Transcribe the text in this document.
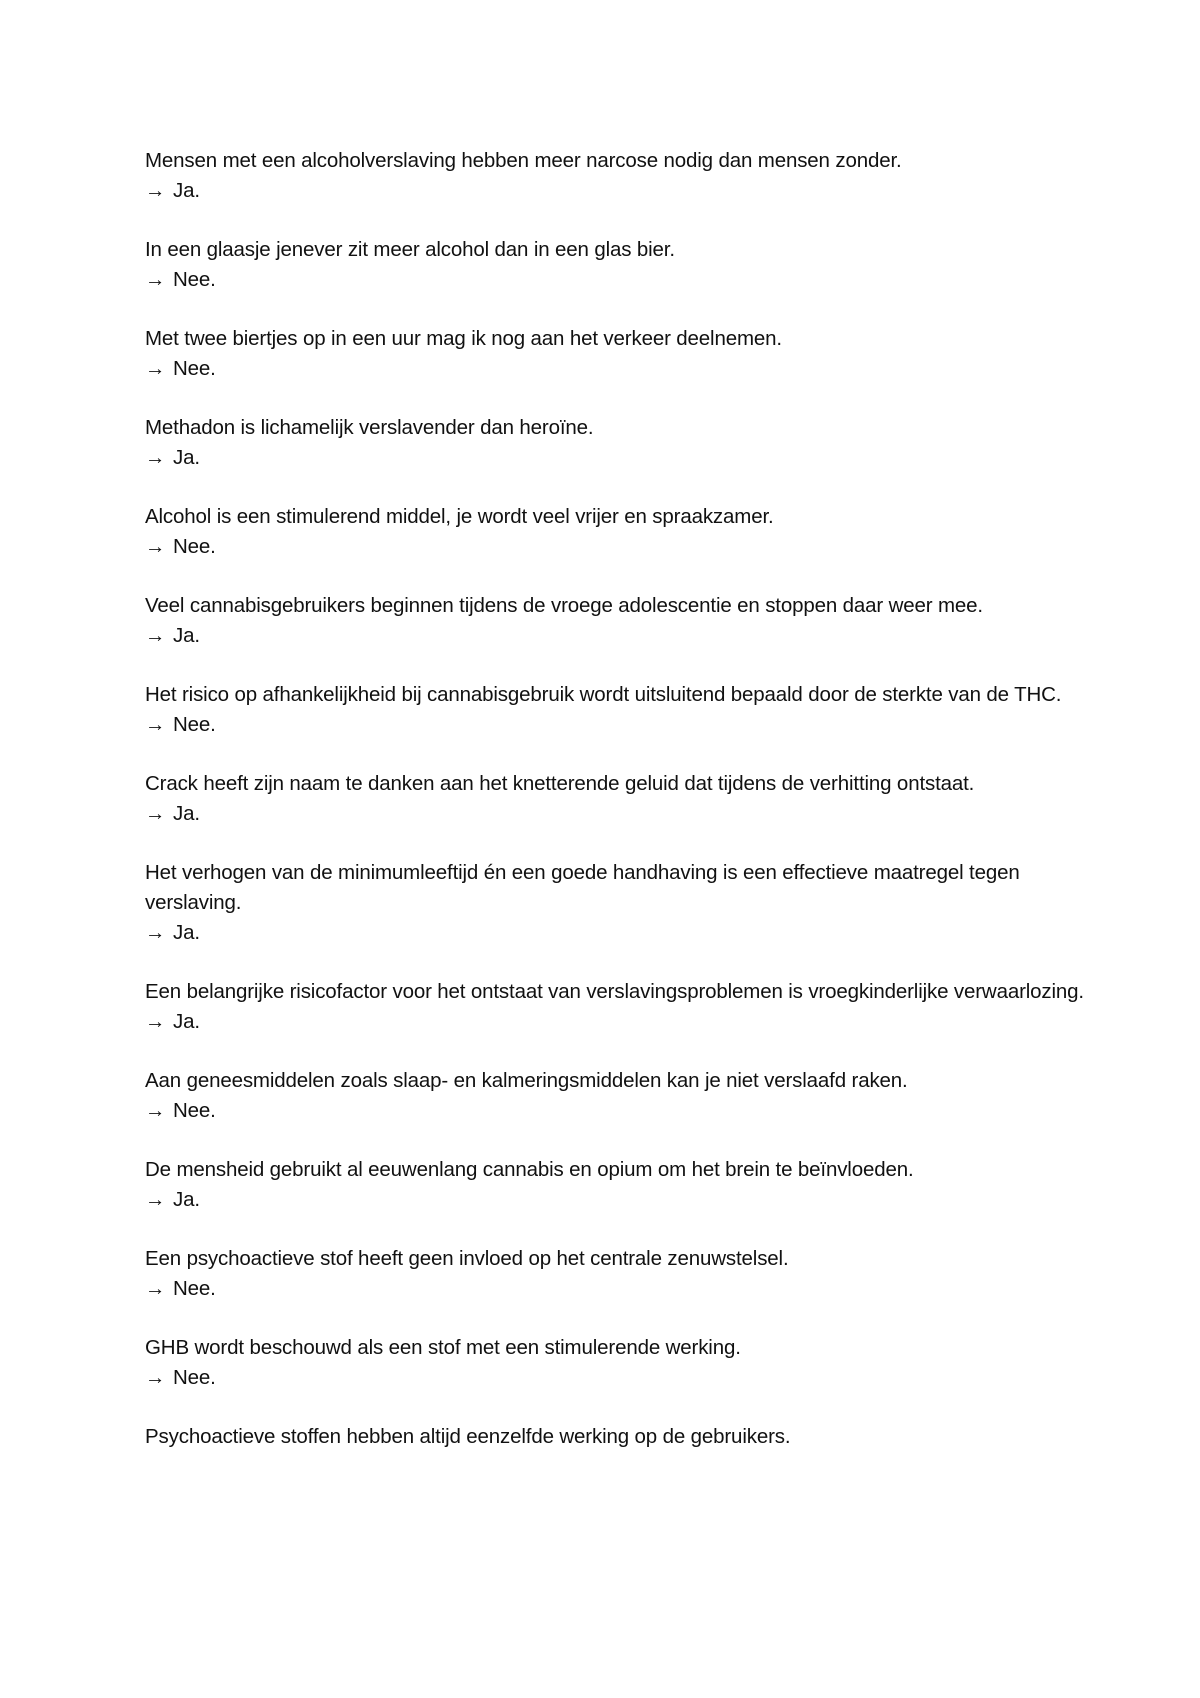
Mensen met een alcoholverslaving hebben meer narcose nodig dan mensen zonder.
→ Ja.
In een glaasje jenever zit meer alcohol dan in een glas bier.
→ Nee.
Met twee biertjes op in een uur mag ik nog aan het verkeer deelnemen.
→ Nee.
Methadon is lichamelijk verslavender dan heroïne.
→ Ja.
Alcohol is een stimulerend middel, je wordt veel vrijer en spraakzamer.
→ Nee.
Veel cannabisgebruikers beginnen tijdens de vroege adolescentie en stoppen daar weer mee.
→ Ja.
Het risico op afhankelijkheid bij cannabisgebruik wordt uitsluitend bepaald door de sterkte van de THC.
→ Nee.
Crack heeft zijn naam te danken aan het knetterende geluid dat tijdens de verhitting ontstaat.
→ Ja.
Het verhogen van de minimumleeftijd én een goede handhaving is een effectieve maatregel tegen verslaving.
→ Ja.
Een belangrijke risicofactor voor het ontstaat van verslavingsproblemen is vroegkinderlijke verwaarlozing.
→ Ja.
Aan geneesmiddelen zoals slaap- en kalmeringsmiddelen kan je niet verslaafd raken.
→ Nee.
De mensheid gebruikt al eeuwenlang cannabis en opium om het brein te beïnvloeden.
→ Ja.
Een psychoactieve stof heeft geen invloed op het centrale zenuwstelsel.
→ Nee.
GHB wordt beschouwd als een stof met een stimulerende werking.
→ Nee.
Psychoactieve stoffen hebben altijd eenzelfde werking op de gebruikers.
